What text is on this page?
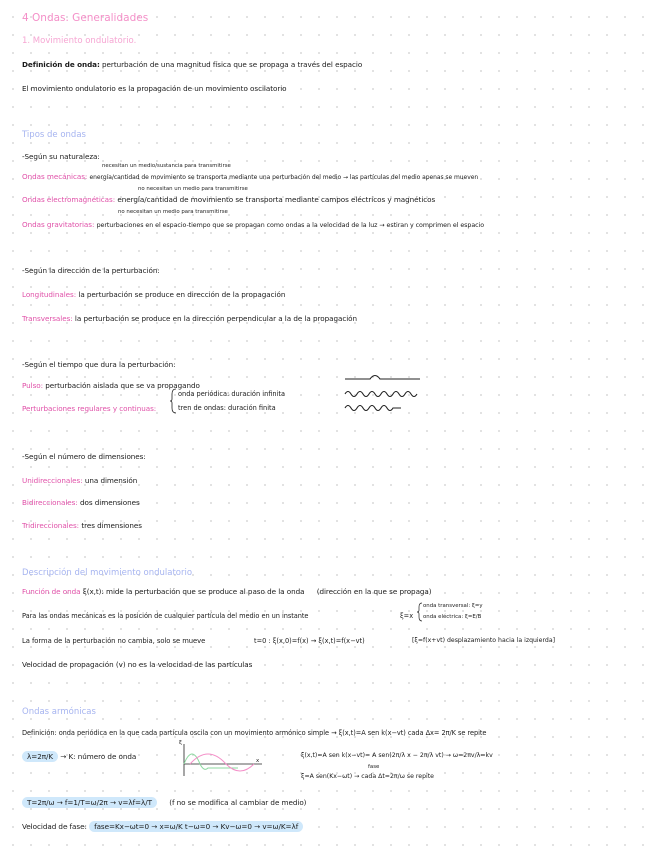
4 Ondas. Generalidades
1. Movimiento ondulatorio.
Definición de onda: perturbación de una magnitud física que se propaga a través del espacio
El movimiento ondulatorio es la propagación de un movimiento oscilatorio
Tipos de ondas
-Según su naturaleza:
necesitan un medio/sustancia para transmitirse
Ondas mecánicas: energía/cantidad de movimiento se transporta mediante una perturbación del medio → las partículas del medio apenas se mueven
no necesitan un medio para transmitirse
Ondas electromagnéticas: energía/cantidad de movimiento se transporta mediante campos eléctricos y magnéticos
no necesitan un medio para transmitirse
Ondas gravitatorias: perturbaciones en el espacio-tiempo que se propagan como ondas a la velocidad de la luz → estiran y comprimen el espacio
-Según la dirección de la perturbación:
Longitudinales: la perturbación se produce en dirección de la propagación
Transversales: la perturbación se produce en la dirección perpendicular a la de la propagación
-Según el tiempo que dura la perturbación:
Pulso: perturbación aislada que se va propagando
Perturbaciones regulares y continuas:
onda periódica: duración infinita
tren de ondas: duración finita
-Según el número de dimensiones:
Unidireccionales: una dimensión
Bidireccionales: dos dimensiones
Tridireccionales: tres dimensiones
Descripción del movimiento ondulatorio
Función de onda ξ(x,t): mide la perturbación que se produce al paso de la onda (dirección en la que se propaga)
Para las ondas mecánicas es la posición de cualquier partícula del medio en un instante	ξ=x
onda transversal: ξ=y
onda eléctrica: ξ=E/B
La forma de la perturbación no cambia, solo se mueve	t=0 : ξ(x,0)=f(x) → ξ(x,t)=f(x−vt)	[ξ=f(x+vt) desplazamiento hacia la izquierda]
Velocidad de propagación (v) no es la velocidad de las partículas
Ondas armónicas
Definición: onda periódica en la que cada partícula oscila con un movimiento armónico simple → ξ(x,t)=A sen k(x−vt) cada Δx= 2π/K se repite
λ=2π/K → K: número de onda
ξ
x
ξ(x,t)=A sen k(x−vt)= A sen(2π/λ x − 2π/λ vt) → ω=2πv/λ=kv
fase
ξ=A sen(Kx−ωt) → cada Δt=2π/ω se repite
T=2π/ω → f=1/T=ω/2π → v=λf=λ/T (f no se modifica al cambiar de medio)
Velocidad de fase: fase=Kx−ωt=0 → x=ω/K t−ω=0 → Kv−ω=0 → v=ω/K=λf
